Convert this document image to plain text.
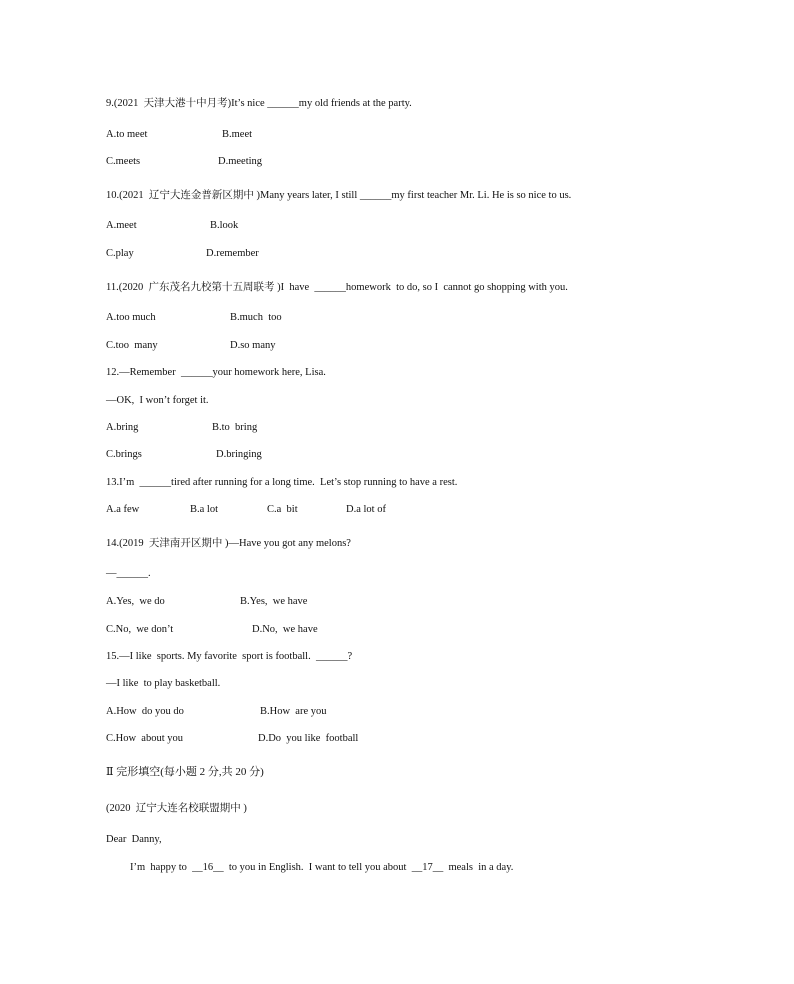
9.(2021  天津大港十中月考)It’s nice ______my old friends at the party.
A.to meet	B.meet
C.meets	D.meeting
10.(2021  辽宁大连金普新区期中 )Many years later, I still ______my first teacher Mr. Li. He is so nice to us.
A.meet	B.look
C.play	D.remember
11.(2020  广东茂名九校第十五周联考 )I  have  ______homework  to do, so I  cannot go shopping with you.
A.too much	B.much  too
C.too  many	D.so many
12.—Remember  ______your homework here, Lisa.
—OK,  I won’t forget it.
A.bring	B.to  bring
C.brings	D.bringing
13.I’m  ______tired after running for a long time.  Let’s stop running to have a rest.
A.a few	B.a lot	C.a  bit	D.a lot of
14.(2019  天津南开区期中 )—Have you got any melons?
—______.
A.Yes,  we do	B.Yes,  we have
C.No,  we don’t	D.No,  we have
15.—I like  sports. My favorite  sport is football.  ______?
—I like  to play basketball.
A.How  do you do	B.How  are you
C.How  about you	D.Do  you like  football
Ⅱ 完形填空(每小题 2 分,共 20 分)
(2020  辽宁大连名校联盟期中 )
Dear  Danny,
I’m  happy to  __16__  to you in English.  I want to tell you about  __17__  meals  in a day.
